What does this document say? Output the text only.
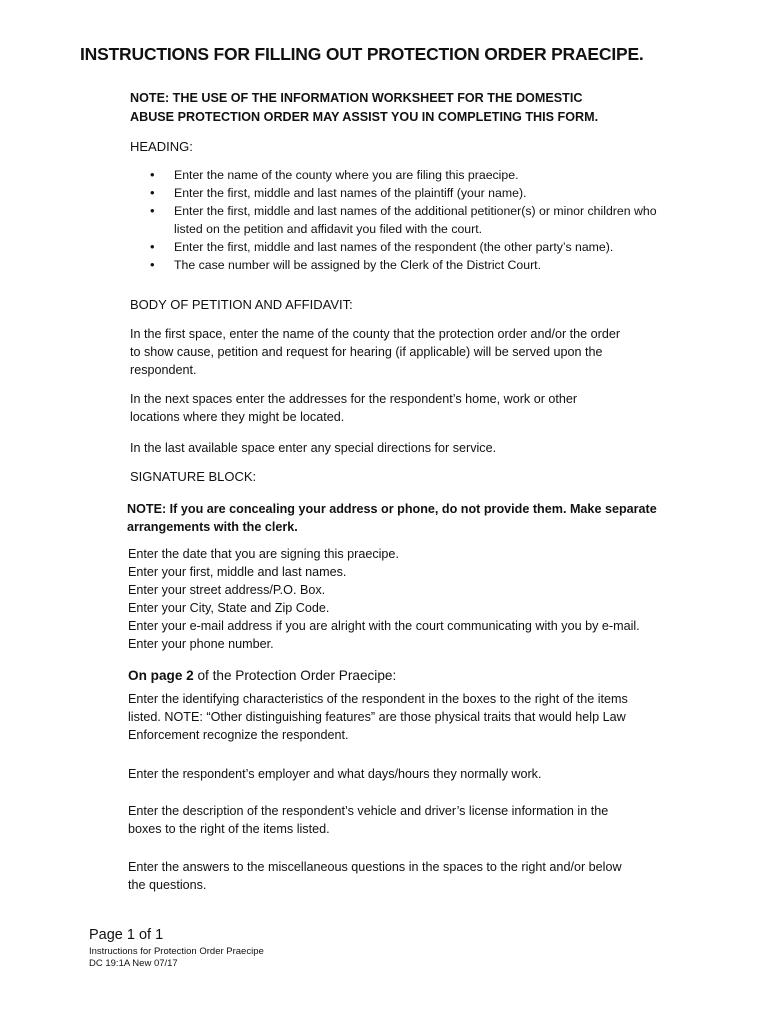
INSTRUCTIONS FOR FILLING OUT PROTECTION ORDER PRAECIPE.
NOTE: THE USE OF THE INFORMATION WORKSHEET FOR THE DOMESTIC
ABUSE PROTECTION ORDER MAY ASSIST YOU IN COMPLETING THIS FORM.
HEADING:
• Enter the name of the county where you are filing this praecipe.
• Enter the first, middle and last names of the plaintiff (your name).
• Enter the first, middle and last names of the additional petitioner(s) or minor children who
listed on the petition and affidavit you filed with the court.
• Enter the first, middle and last names of the respondent (the other party’s name).
• The case number will be assigned by the Clerk of the District Court.
BODY OF PETITION AND AFFIDAVIT:
In the first space, enter the name of the county that the protection order and/or the order
to show cause, petition and request for hearing (if applicable) will be served upon the
respondent.
In the next spaces enter the addresses for the respondent’s home, work or other
locations where they might be located.
In the last available space enter any special directions for service.
SIGNATURE BLOCK:
NOTE: If you are concealing your address or phone, do not provide them. Make separate
arrangements with the clerk.
Enter the date that you are signing this praecipe.
Enter your first, middle and last names.
Enter your street address/P.O. Box.
Enter your City, State and Zip Code.
Enter your e-mail address if you are alright with the court communicating with you by e-mail.
Enter your phone number.
On page 2 of the Protection Order Praecipe:
Enter the identifying characteristics of the respondent in the boxes to the right of the items
listed. NOTE: “Other distinguishing features” are those physical traits that would help Law
Enforcement recognize the respondent.
Enter the respondent’s employer and what days/hours they normally work.
Enter the description of the respondent’s vehicle and driver’s license information in the
boxes to the right of the items listed.
Enter the answers to the miscellaneous questions in the spaces to the right and/or below
the questions.
Page 1 of 1
Instructions for Protection Order Praecipe
DC 19:1A New 07/17
